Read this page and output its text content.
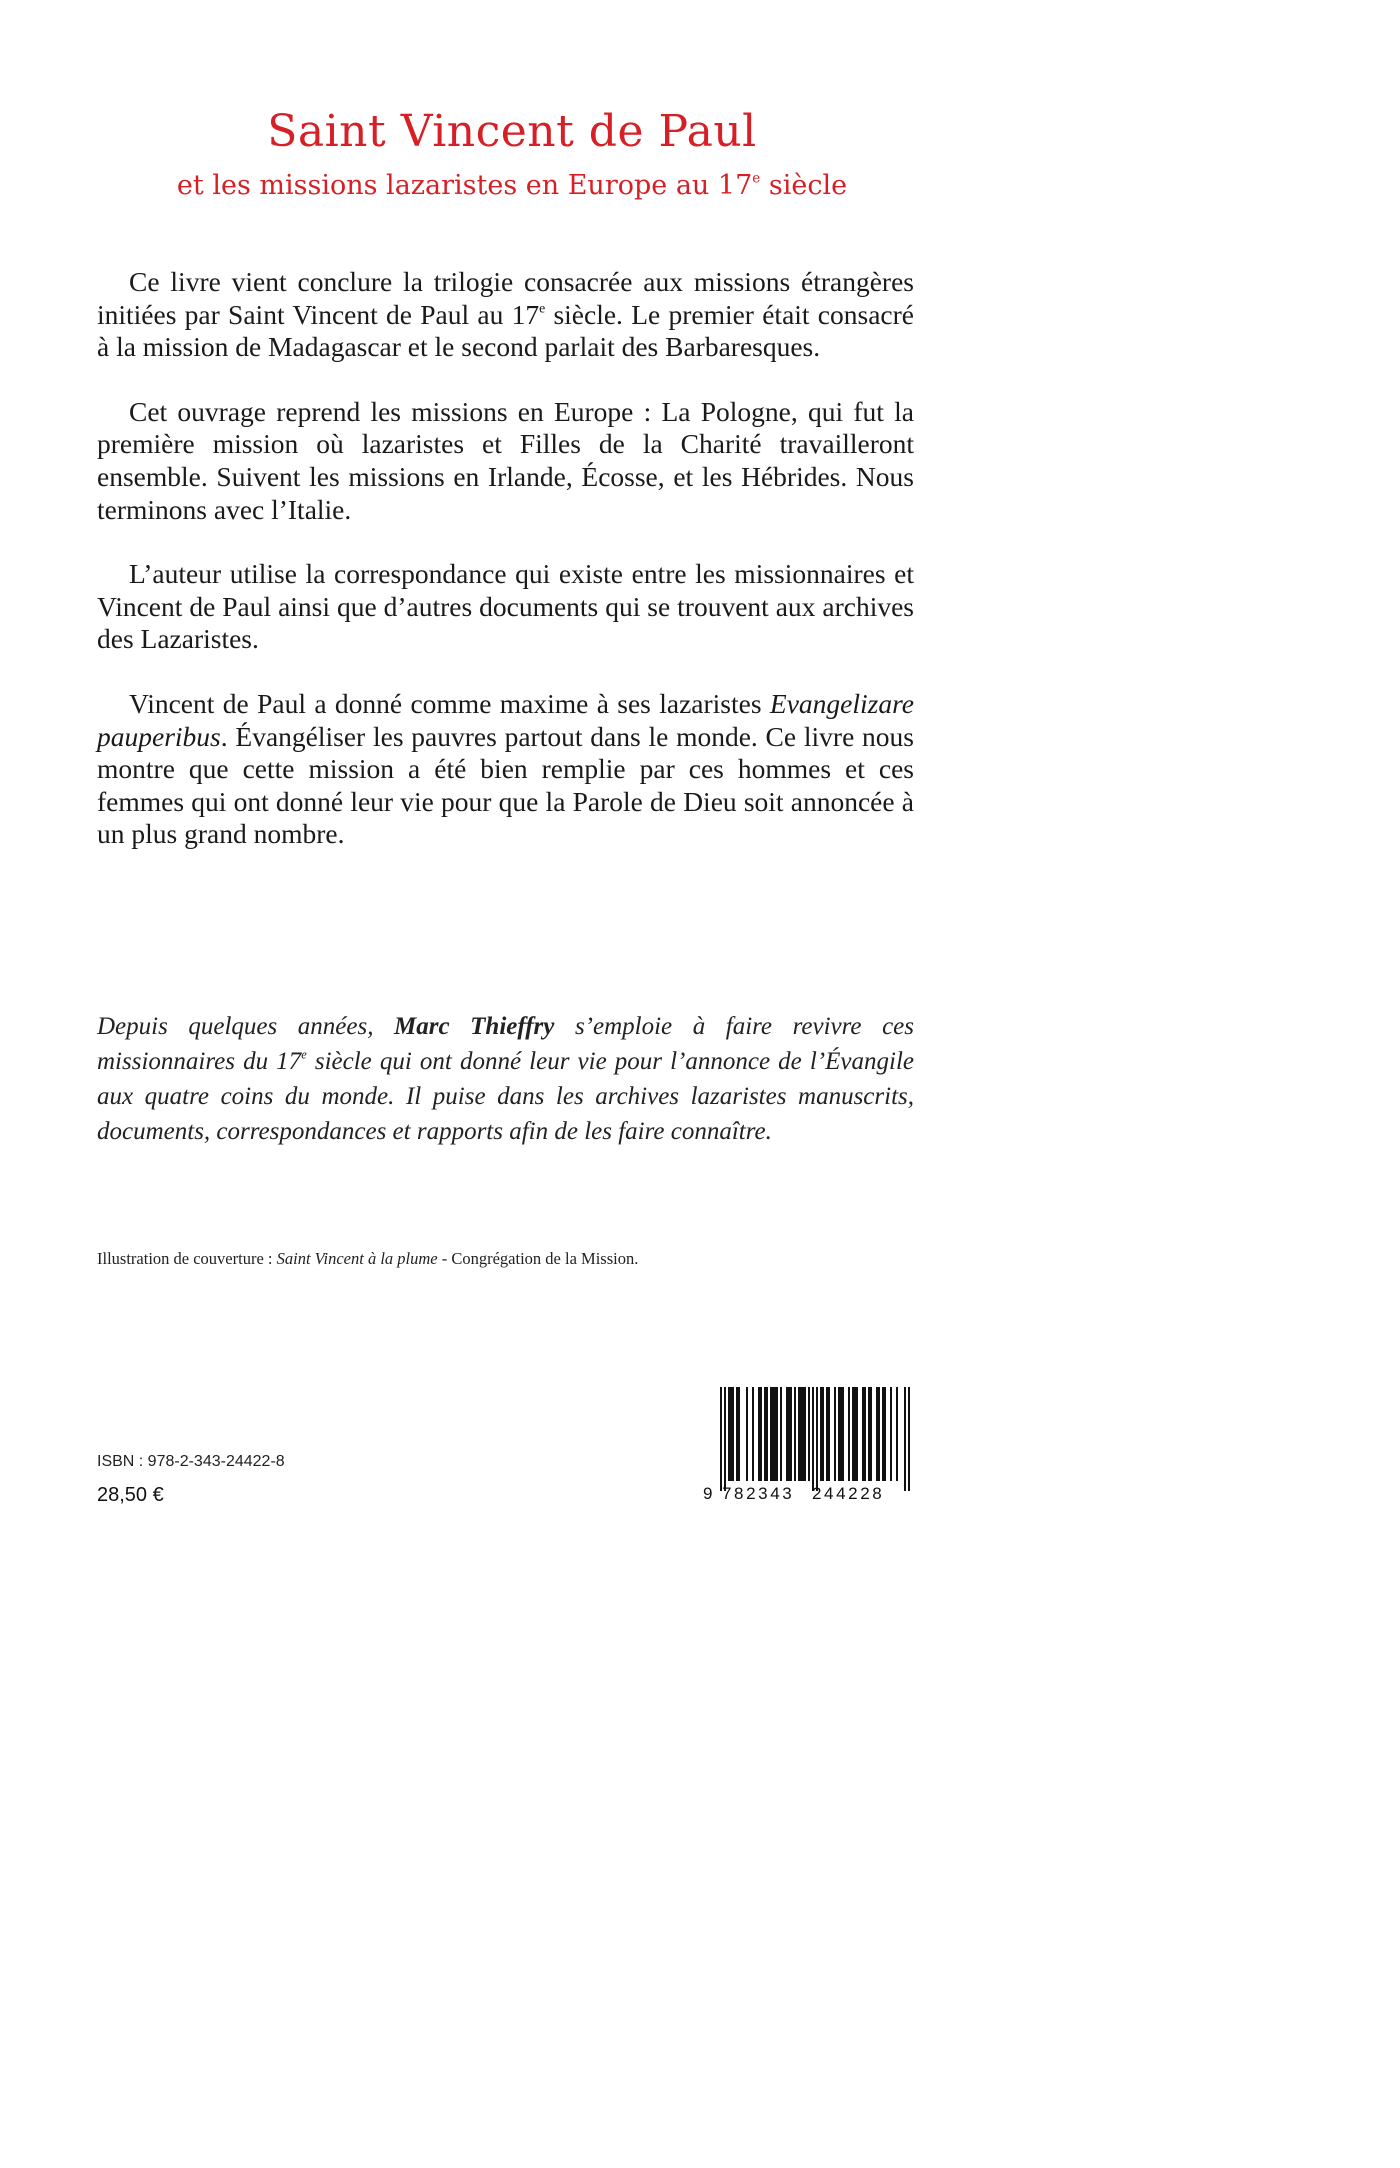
Saint Vincent de Paul
et les missions lazaristes en Europe au 17e siècle

Ce livre vient conclure la trilogie consacrée aux missions étrangères initiées par Saint Vincent de Paul au 17e siècle. Le premier était consacré à la mission de Madagascar et le second parlait des Barbaresques.

Cet ouvrage reprend les missions en Europe : La Pologne, qui fut la première mission où lazaristes et Filles de la Charité travailleront ensemble. Suivent les missions en Irlande, Écosse, et les Hébrides. Nous terminons avec l’Italie.

L’auteur utilise la correspondance qui existe entre les missionnaires et Vincent de Paul ainsi que d’autres documents qui se trouvent aux archives des Lazaristes.

Vincent de Paul a donné comme maxime à ses lazaristes Evangelizare pauperibus. Évangéliser les pauvres partout dans le monde. Ce livre nous montre que cette mission a été bien remplie par ces hommes et ces femmes qui ont donné leur vie pour que la Parole de Dieu soit annoncée à un plus grand nombre.

Depuis quelques années, Marc Thieffry s’emploie à faire revivre ces missionnaires du 17e siècle qui ont donné leur vie pour l’annonce de l’Évangile aux quatre coins du monde. Il puise dans les archives lazaristes manuscrits, documents, correspondances et rapports afin de les faire connaître.
Illustration de couverture : Saint Vincent à la plume - Congrégation de la Mission.
ISBN : 978-2-343-24422-8
28,50 €	9 782343 244228
